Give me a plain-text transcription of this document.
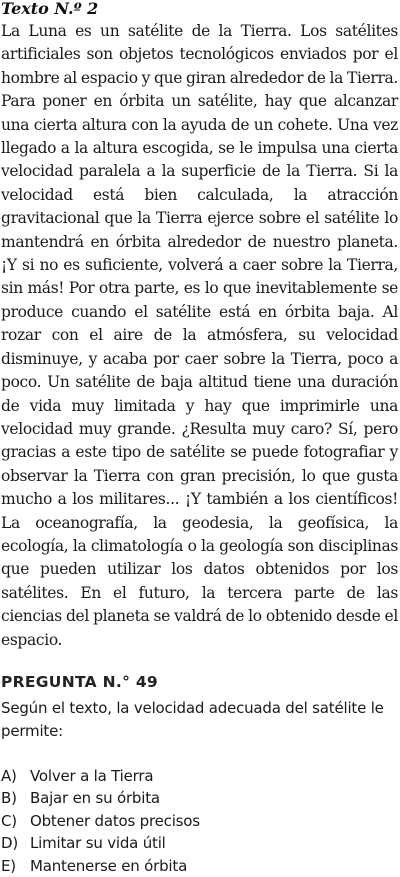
Texto N.º 2

La Luna es un satélite de la Tierra. Los satélites artificiales son objetos tecnológicos enviados por el hombre al espacio y que giran alrededor de la Tierra. Para poner en órbita un satélite, hay que alcanzar una cierta altura con la ayuda de un cohete. Una vez llegado a la altura escogida, se le impulsa una cierta velocidad paralela a la superficie de la Tierra. Si la velocidad está bien calculada, la atracción gravitacional que la Tierra ejerce sobre el satélite lo mantendrá en órbita alrededor de nuestro planeta. ¡Y si no es suficiente, volverá a caer sobre la Tierra, sin más! Por otra parte, es lo que inevitablemente se produce cuando el satélite está en órbita baja. Al rozar con el aire de la atmósfera, su velocidad disminuye, y acaba por caer sobre la Tierra, poco a poco. Un satélite de baja altitud tiene una duración de vida muy limitada y hay que imprimirle una velocidad muy grande. ¿Resulta muy caro? Sí, pero gracias a este tipo de satélite se puede fotografiar y observar la Tierra con gran precisión, lo que gusta mucho a los militares... ¡Y también a los científicos! La oceanografía, la geodesia, la geofísica, la ecología, la climatología o la geología son disciplinas que pueden utilizar los datos obtenidos por los satélites. En el futuro, la tercera parte de las ciencias del planeta se valdrá de lo obtenido desde el espacio.

PREGUNTA N.° 49

Según el texto, la velocidad adecuada del satélite le permite:

A) Volver a la Tierra
B) Bajar en su órbita
C) Obtener datos precisos
D) Limitar su vida útil
E) Mantenerse en órbita
